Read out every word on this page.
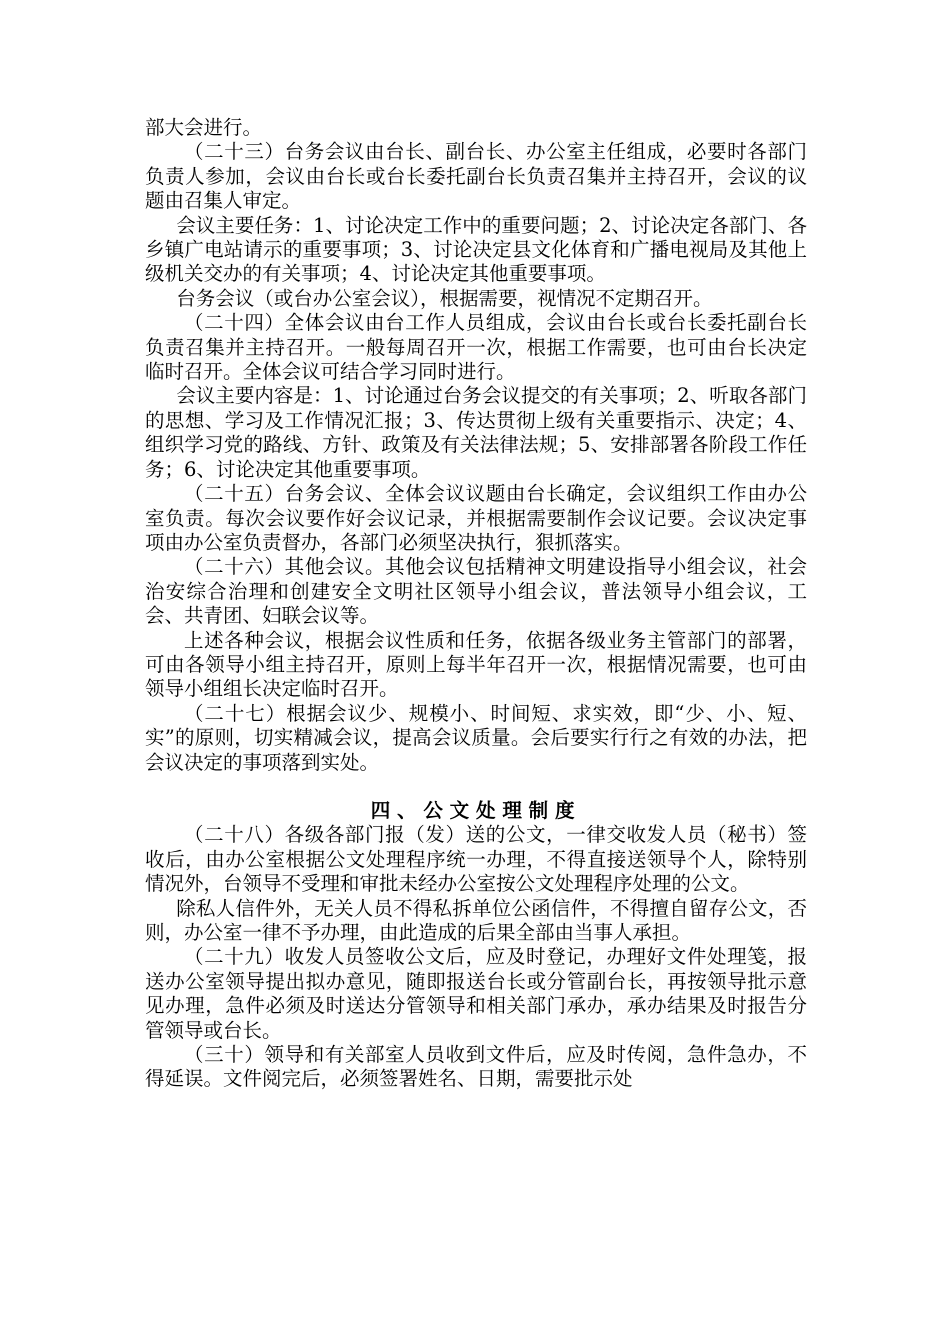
部大会进行。

（二十三）台务会议由台长、副台长、办公室主任组成，必要时各部门负责人参加，会议由台长或台长委托副台长负责召集并主持召开，会议的议题由召集人审定。

会议主要任务：1、讨论决定工作中的重要问题；2、讨论决定各部门、各乡镇广电站请示的重要事项；3、讨论决定县文化体育和广播电视局及其他上级机关交办的有关事项；4、讨论决定其他重要事项。

台务会议（或台办公室会议），根据需要，视情况不定期召开。

（二十四）全体会议由台工作人员组成，会议由台长或台长委托副台长负责召集并主持召开。一般每周召开一次，根据工作需要，也可由台长决定临时召开。全体会议可结合学习同时进行。

会议主要内容是：1、讨论通过台务会议提交的有关事项；2、听取各部门的思想、学习及工作情况汇报；3、传达贯彻上级有关重要指示、决定；4、组织学习党的路线、方针、政策及有关法律法规；5、安排部署各阶段工作任务；6、讨论决定其他重要事项。

（二十五）台务会议、全体会议议题由台长确定，会议组织工作由办公室负责。每次会议要作好会议记录，并根据需要制作会议记要。会议决定事项由办公室负责督办，各部门必须坚决执行，狠抓落实。

（二十六）其他会议。其他会议包括精神文明建设指导小组会议，社会治安综合治理和创建安全文明社区领导小组会议，普法领导小组会议，工会、共青团、妇联会议等。

上述各种会议，根据会议性质和任务，依据各级业务主管部门的部署，可由各领导小组主持召开，原则上每半年召开一次，根据情况需要，也可由领导小组组长决定临时召开。

（二十七）根据会议少、规模小、时间短、求实效，即“少、小、短、实”的原则，切实精减会议，提高会议质量。会后要实行行之有效的办法，把会议决定的事项落到实处。

四、公文处理制度

（二十八）各级各部门报（发）送的公文，一律交收发人员（秘书）签收后，由办公室根据公文处理程序统一办理，不得直接送领导个人，除特别情况外，台领导不受理和审批未经办公室按公文处理程序处理的公文。

除私人信件外，无关人员不得私拆单位公函信件，不得擅自留存公文，否则，办公室一律不予办理，由此造成的后果全部由当事人承担。

（二十九）收发人员签收公文后，应及时登记，办理好文件处理笺，报送办公室领导提出拟办意见，随即报送台长或分管副台长，再按领导批示意见办理，急件必须及时送达分管领导和相关部门承办，承办结果及时报告分管领导或台长。

（三十）领导和有关部室人员收到文件后，应及时传阅，急件急办，不得延误。文件阅完后，必须签署姓名、日期，需要批示处
